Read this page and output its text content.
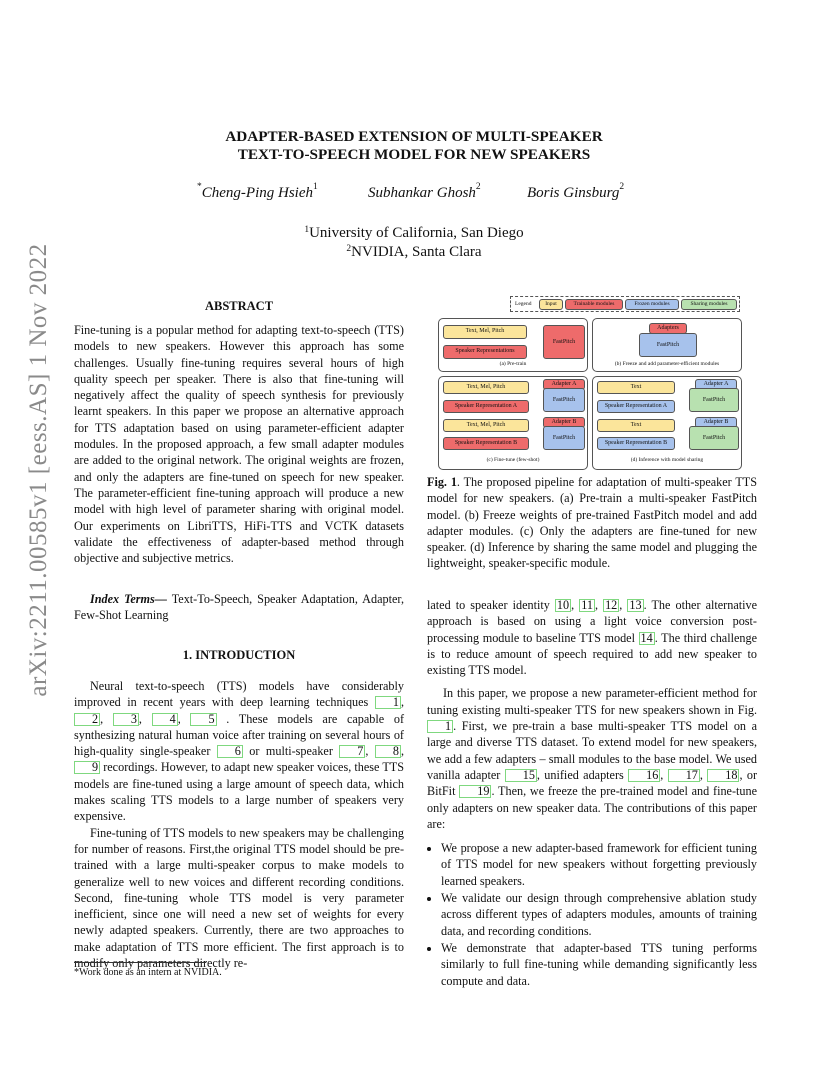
ADAPTER-BASED EXTENSION OF MULTI-SPEAKER
TEXT-TO-SPEECH MODEL FOR NEW SPEAKERS
*Cheng-Ping Hsieh$^1$	Subhankar Ghosh$^2$	Boris Ginsburg$^2$
$^1$University of California, San Diego
$^2$NVIDIA, Santa Clara
arXiv:2211.00585v1 [eess.AS] 1 Nov 2022	ABSTRACT

Fine-tuning is a popular method for adapting text-to-speech (TTS) models to new speakers. However this approach has some challenges. Usually fine-tuning requires several hours of high quality speech per speaker. There is also that fine-tuning will negatively affect the quality of speech synthesis for previously learnt speakers. In this paper we propose an alternative approach for TTS adaptation based on using parameter-efficient adapter modules. In the proposed approach, a few small adapter modules are added to the original network. The original weights are frozen, and only the adapters are fine-tuned on speech for new speaker. The parameter-efficient fine-tuning approach will produce a new model with high level of parameter sharing with original model. Our experiments on LibriTTS, HiFi-TTS and VCTK datasets validate the effectiveness of adapter-based method through objective and subjective metrics.

Index Terms— Text-To-Speech, Speaker Adaptation, Adapter, Few-Shot Learning

1. INTRODUCTION

Neural text-to-speech (TTS) models have considerably improved in recent years with deep learning techniques 1 , 2 , 3 , 4 , 5 . These models are capable of synthesizing natural human voice after training on several hours of high-quality single-speaker 6 or multi-speaker 7 , 8 , 9 recordings. However, to adapt new speaker voices, these TTS models are fine-tuned using a large amount of speech data, which makes scaling TTS models to a large number of speakers very expensive.

Fine-tuning of TTS models to new speakers may be challenging for number of reasons. First,the original TTS model should be pre-trained with a large multi-speaker corpus to make models to generalize well to new voices and different recording conditions. Second, fine-tuning whole TTS model is very parameter inefficient, since one will need a new set of weights for every newly adapted speakers. Currently, there are two approaches to make adaptation of TTS more efficient. The first approach is to modify only parameters directly re-

*Work done as an intern at NVIDIA.
Legend	Input	Trainable modules	Frozen modules	Sharing modules
Text, Mel, Pitch
Speaker Representations
FastPitch
(a) Pre-train
Adapters
FastPitch
(b) Freeze and add parameter-efficient modules
Text, Mel, Pitch
Speaker Representation A
Adapter A
FastPitch
Text, Mel, Pitch
Speaker Representation B
Adapter B
FastPitch
(c) Fine-tune (few-shot)
Text
Speaker Representation A
Adapter A
FastPitch
Text
Speaker Representation B
Adapter B
FastPitch
(d) Inference with model sharing
Fig. 1. The proposed pipeline for adaptation of multi-speaker TTS model for new speakers. (a) Pre-train a multi-speaker FastPitch model. (b) Freeze weights of pre-trained FastPitch model and add adapter modules. (c) Only the adapters are fine-tuned for new speaker. (d) Inference by sharing the same model and plugging the lightweight, speaker-specific module.

lated to speaker identity 10 , 11 , 12 , 13 . The other alternative approach is based on using a light voice conversion post-processing module to baseline TTS model 14 . The third challenge is to reduce amount of speech required to add new speaker to existing TTS model.

In this paper, we propose a new parameter-efficient method for tuning existing multi-speaker TTS for new speakers shown in Fig. 1 . First, we pre-train a base multi-speaker TTS model on a large and diverse TTS dataset. To extend model for new speakers, we add a few adapters – small modules to the base model. We used vanilla adapter 15 , unified adapters 16 , 17 , 18 , or BitFit 19 . Then, we freeze the pre-trained model and fine-tune only adapters on new speaker data. The contributions of this paper are:

• We propose a new adapter-based framework for efficient tuning of TTS model for new speakers without forgetting previously learned speakers.
• We validate our design through comprehensive ablation study across different types of adapters modules, amounts of training data, and recording conditions.
• We demonstrate that adapter-based TTS tuning performs similarly to full fine-tuning while demanding significantly less compute and data.
